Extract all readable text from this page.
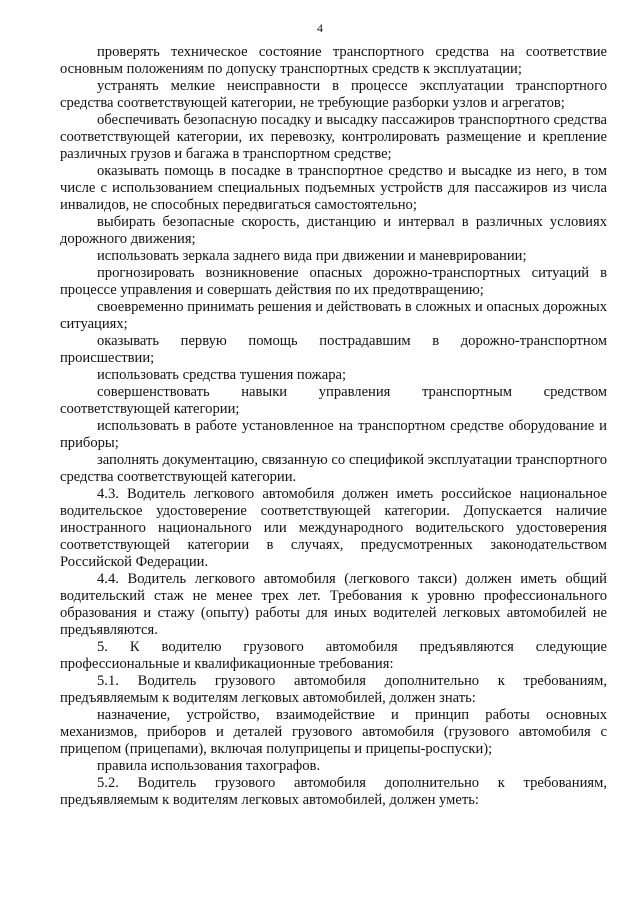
4

проверять техническое состояние транспортного средства на соответствие основным положениям по допуску транспортных средств к эксплуатации;

устранять мелкие неисправности в процессе эксплуатации транспортного средства соответствующей категории, не требующие разборки узлов и агрегатов;

обеспечивать безопасную посадку и высадку пассажиров транспортного средства соответствующей категории, их перевозку, контролировать размещение и крепление различных грузов и багажа в транспортном средстве;

оказывать помощь в посадке в транспортное средство и высадке из него, в том числе с использованием специальных подъемных устройств для пассажиров из числа инвалидов, не способных передвигаться самостоятельно;

выбирать безопасные скорость, дистанцию и интервал в различных условиях дорожного движения;

использовать зеркала заднего вида при движении и маневрировании;

прогнозировать возникновение опасных дорожно-транспортных ситуаций в процессе управления и совершать действия по их предотвращению;

своевременно принимать решения и действовать в сложных и опасных дорожных ситуациях;

оказывать первую помощь пострадавшим в дорожно-транспортном происшествии;

использовать средства тушения пожара;

совершенствовать навыки управления транспортным средством соответствующей категории;

использовать в работе установленное на транспортном средстве оборудование и приборы;

заполнять документацию, связанную со спецификой эксплуатации транспортного средства соответствующей категории.

4.3. Водитель легкового автомобиля должен иметь российское национальное водительское удостоверение соответствующей категории. Допускается наличие иностранного национального или международного водительского удостоверения соответствующей категории в случаях, предусмотренных законодательством Российской Федерации.

4.4. Водитель легкового автомобиля (легкового такси) должен иметь общий водительский стаж не менее трех лет. Требования к уровню профессионального образования и стажу (опыту) работы для иных водителей легковых автомобилей не предъявляются.

5. К водителю грузового автомобиля предъявляются следующие профессиональные и квалификационные требования:

5.1. Водитель грузового автомобиля дополнительно к требованиям, предъявляемым к водителям легковых автомобилей, должен знать:

назначение, устройство, взаимодействие и принцип работы основных механизмов, приборов и деталей грузового автомобиля (грузового автомобиля с прицепом (прицепами), включая полуприцепы и прицепы-роспуски);

правила использования тахографов.

5.2. Водитель грузового автомобиля дополнительно к требованиям, предъявляемым к водителям легковых автомобилей, должен уметь:
